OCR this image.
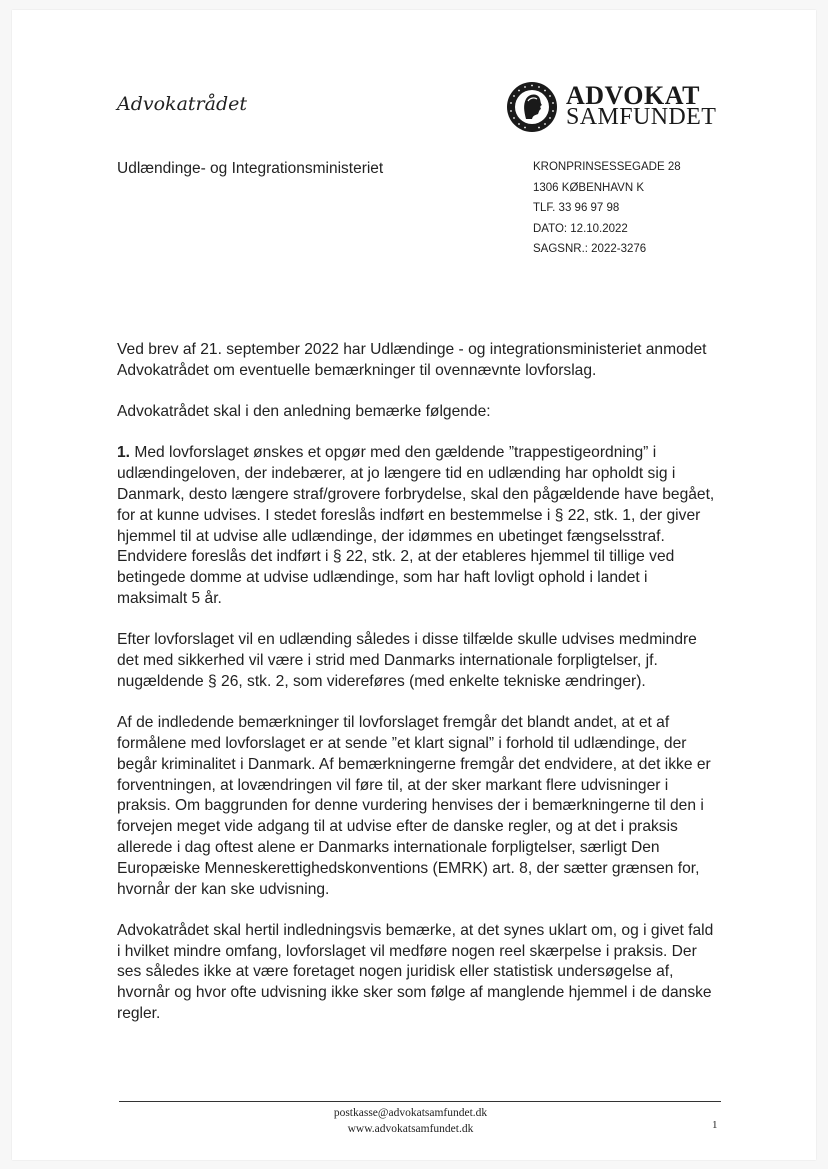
Advokatrådet	ADVOKAT
SAMFUNDET
Udlændinge- og Integrationsministeriet	KRONPRINSESSEGADE 28
1306 KØBENHAVN K
TLF. 33 96 97 98
DATO: 12.10.2022
SAGSNR.: 2022-3276

Ved brev af 21. september 2022 har Udlændinge - og integrationsministeriet anmodet Advokatrådet om eventuelle bemærkninger til ovennævnte lovforslag.

Advokatrådet skal i den anledning bemærke følgende:

1. Med lovforslaget ønskes et opgør med den gældende ”trappestigeordning” i udlændingeloven, der indebærer, at jo længere tid en udlænding har opholdt sig i Danmark, desto længere straf/grovere forbrydelse, skal den pågældende have begået, for at kunne udvises. I stedet foreslås indført en bestemmelse i § 22, stk. 1, der giver hjemmel til at udvise alle udlændinge, der idømmes en ubetinget fængselsstraf. Endvidere foreslås det indført i § 22, stk. 2, at der etableres hjemmel til tillige ved betingede domme at udvise udlændinge, som har haft lovligt ophold i landet i maksimalt 5 år.

Efter lovforslaget vil en udlænding således i disse tilfælde skulle udvises medmindre det med sikkerhed vil være i strid med Danmarks internationale forpligtelser, jf. nugældende § 26, stk. 2, som videreføres (med enkelte tekniske ændringer).

Af de indledende bemærkninger til lovforslaget fremgår det blandt andet, at et af formålene med lovforslaget er at sende ”et klart signal” i forhold til udlændinge, der begår kriminalitet i Danmark. Af bemærkningerne fremgår det endvidere, at det ikke er forventningen, at lovændringen vil føre til, at der sker markant flere udvisninger i praksis. Om baggrunden for denne vurdering henvises der i bemærkningerne til den i forvejen meget vide adgang til at udvise efter de danske regler, og at det i praksis allerede i dag oftest alene er Danmarks internationale forpligtelser, særligt Den Europæiske Menneskerettighedskonventions (EMRK) art. 8, der sætter grænsen for, hvornår der kan ske udvisning.

Advokatrådet skal hertil indledningsvis bemærke, at det synes uklart om, og i givet fald i hvilket mindre omfang, lovforslaget vil medføre nogen reel skærpelse i praksis. Der ses således ikke at være foretaget nogen juridisk eller statistisk undersøgelse af, hvornår og hvor ofte udvisning ikke sker som følge af manglende hjemmel i de danske regler.

postkasse@advokatsamfundet.dk
www.advokatsamfundet.dk	1
